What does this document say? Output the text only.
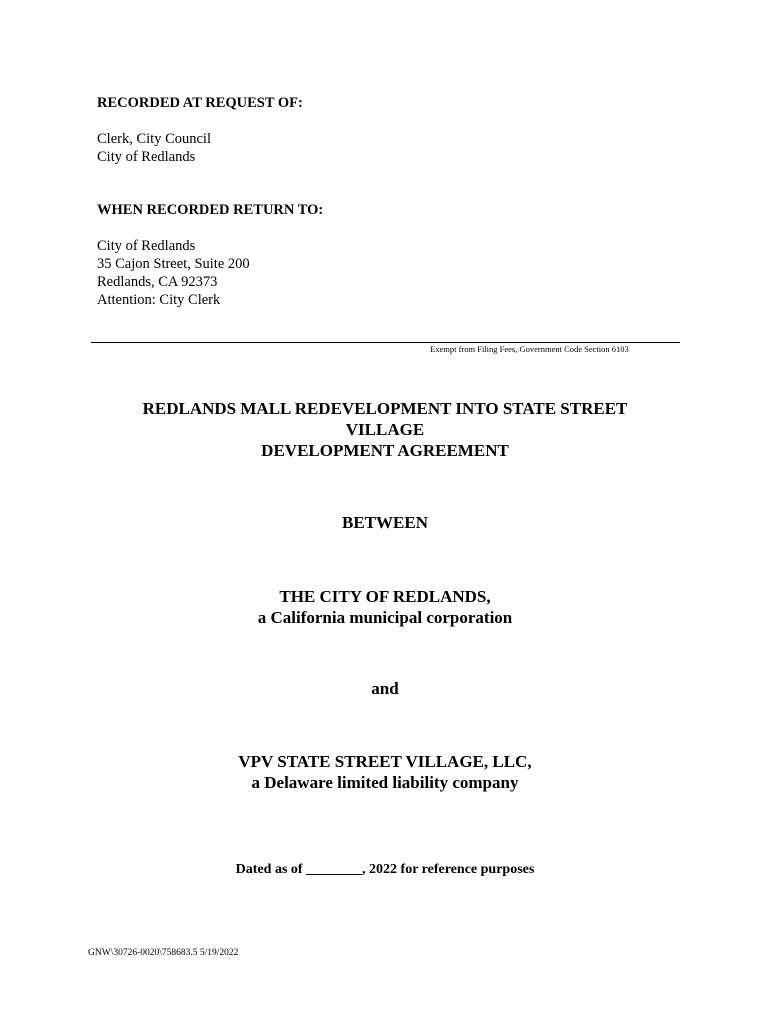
RECORDED AT REQUEST OF:
Clerk, City Council
City of Redlands
WHEN RECORDED RETURN TO:
City of Redlands
35 Cajon Street, Suite 200
Redlands, CA 92373
Attention: City Clerk
Exempt from Filing Fees, Government Code Section 6103
REDLANDS MALL REDEVELOPMENT INTO STATE STREET
VILLAGE
DEVELOPMENT AGREEMENT
BETWEEN
THE CITY OF REDLANDS,
a California municipal corporation
and
VPV STATE STREET VILLAGE, LLC,
a Delaware limited liability company
Dated as of ________, 2022 for reference purposes
GNW\30726-0020\758683.5 5/19/2022
